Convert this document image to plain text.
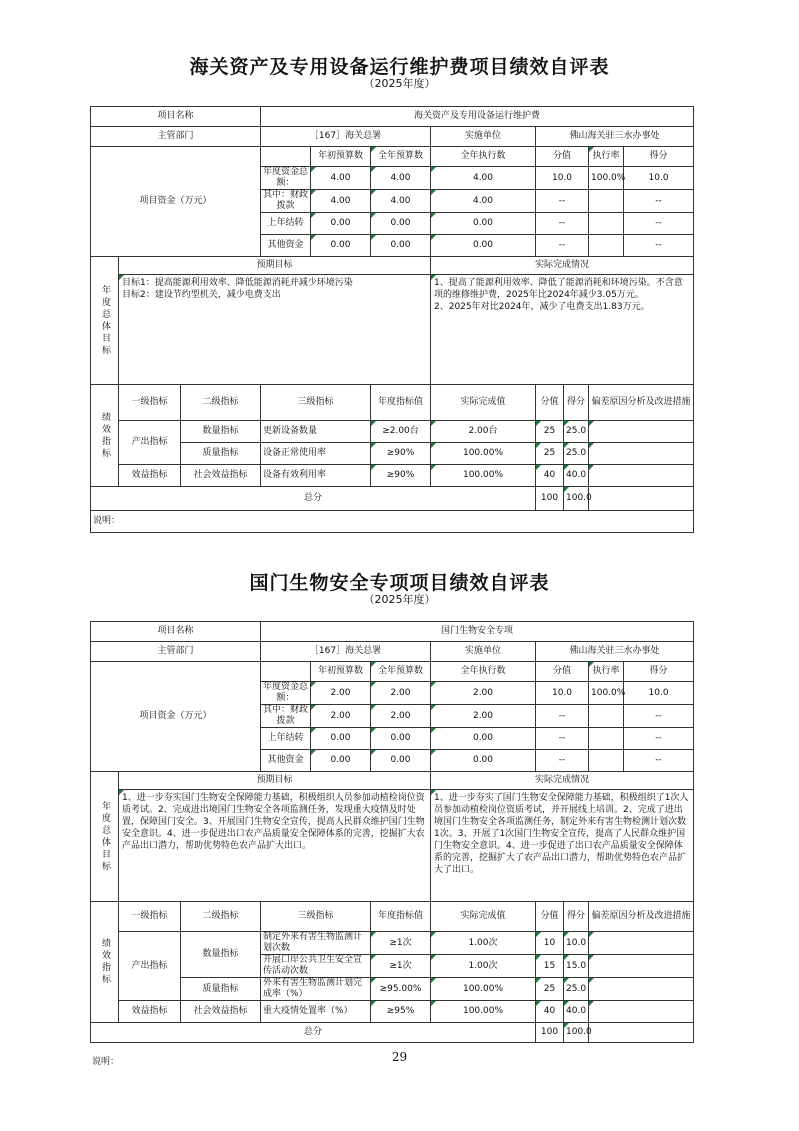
海关资产及专用设备运行维护费项目绩效自评表
（2025年度）
项目名称			海关资产及专用设备运行维护费							
主管部门			［167］海关总署			实施单位	佛山海关驻三水办事处			
项目资金（万元）				年初预算数	全年预算数	全年执行数	分值		执行率	得分
			年度资金总额：	4.00	4.00	4.00	10.0		100.0%	10.0
			其中：财政拨款	4.00	4.00	4.00	--			--
			上年结转	0.00	0.00	0.00	--			--
			其他资金	0.00	0.00	0.00	--			--

年度总体目标	预期目标					实际完成情况				
	目标1：提高能源利用效率、降低能源消耗并减少环境污染
目标2：建设节约型机关，减少电费支出					1、提高了能源利用效率、降低了能源消耗和环境污染。不含意项的维修维护费，2025年比2024年减少3.05万元。
2、2025年对比2024年，减少了电费支出1.83万元。				

绩效指标	一级指标	二级指标	三级指标		年度指标值	实际完成值	分值	得分	偏差原因分析及改进措施	
	产出指标	数量指标	更新设备数量		≥2.00台	2.00台	25	25.0		
		质量指标	设备正常使用率		≥90%	100.00%	25	25.0		
	效益指标	社会效益指标	设备有效利用率		≥90%	100.00%	40	40.0		
总分							100	100.0		
说明：										
国门生物安全专项项目绩效自评表
（2025年度）
项目名称			国门生物安全专项							
主管部门			［167］海关总署			实施单位	佛山海关驻三水办事处			
项目资金（万元）				年初预算数	全年预算数	全年执行数	分值		执行率	得分
			年度资金总额：	2.00	2.00	2.00	10.0		100.0%	10.0
			其中：财政拨款	2.00	2.00	2.00	--			--
			上年结转	0.00	0.00	0.00	--			--
			其他资金	0.00	0.00	0.00	--			--

年度总体目标	预期目标					实际完成情况				
	1、进一步夯实国门生物安全保障能力基础，积极组织人员参加动植检岗位资质考试。2、完成进出境国门生物安全各项监测任务，发现重大疫情及时处置，保障国门安全。3、开展国门生物安全宣传，提高人民群众维护国门生物安全意识。4、进一步促进出口农产品质量安全保障体系的完善，挖掘扩大农产品出口潜力，帮助优势特色农产品扩大出口。					1、进一步夯实了国门生物安全保障能力基础，积极组织了1次人员参加动植检岗位资质考试，并开展线上培训。2、完成了进出境国门生物安全各项监测任务，制定外来有害生物检测计划次数1次。3、开展了1次国门生物安全宣传，提高了人民群众维护国门生物安全意识。4、进一步促进了出口农产品质量安全保障体系的完善，挖掘扩大了农产品出口潜力，帮助优势特色农产品扩大了出口。				

绩效指标	一级指标	二级指标	三级指标		年度指标值	实际完成值	分值	得分	偏差原因分析及改进措施	
	产出指标	数量指标	制定外来有害生物监测计划次数		≥1次	1.00次	10	10.0		
			开展口岸公共卫生安全宣传活动次数		≥1次	1.00次	15	15.0		
		质量指标	外来有害生物监测计划完成率（%）		≥95.00%	100.00%	25	25.0		
	效益指标	社会效益指标	重大疫情处置率（%）		≥95%	100.00%	40	40.0		
总分							100	100.0		
说明：	29
